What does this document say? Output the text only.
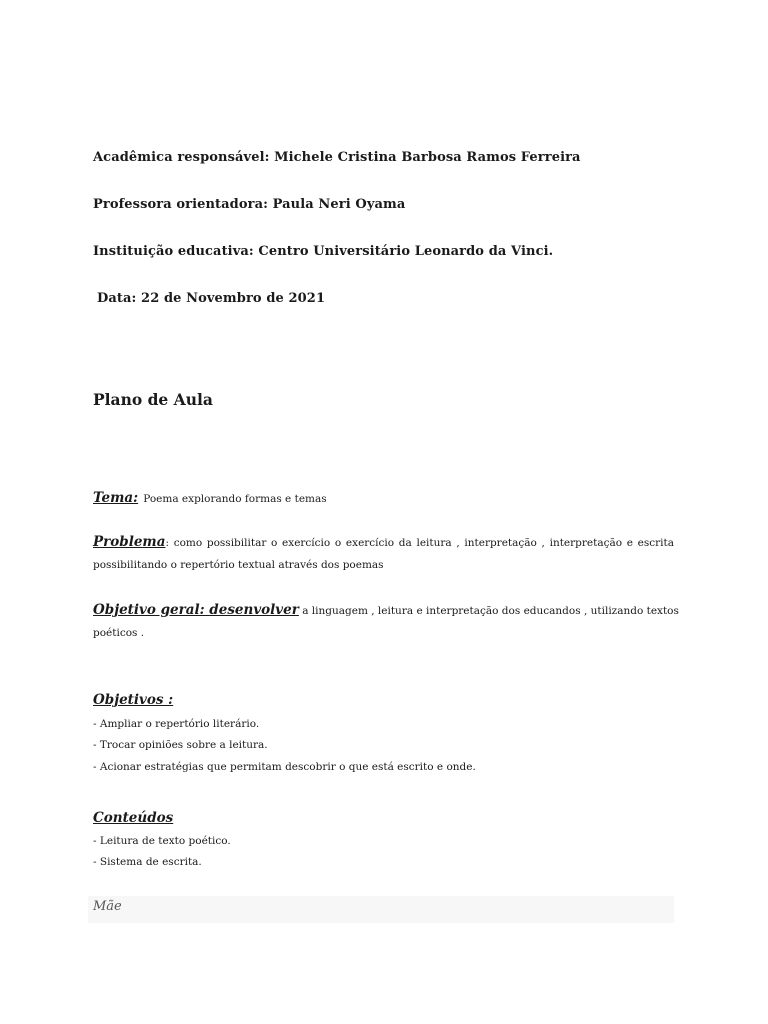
Acadêmica responsável: Michele Cristina Barbosa Ramos Ferreira
Professora orientadora: Paula Neri Oyama
Instituição educativa: Centro Universitário Leonardo da Vinci.
Data: 22 de Novembro de 2021
Plano de Aula
Tema: Poema explorando formas e temas
Problema: como possibilitar o exercício o exercício da leitura , interpretação , interpretação e escrita
possibilitando o repertório textual através dos poemas
Objetivo geral: desenvolver a linguagem , leitura e interpretação dos educandos , utilizando textos
poéticos .
Objetivos :
- Ampliar o repertório literário.
- Trocar opiniões sobre a leitura.
- Acionar estratégias que permitam descobrir o que está escrito e onde.
Conteúdos
- Leitura de texto poético.
- Sistema de escrita.
Mãe
